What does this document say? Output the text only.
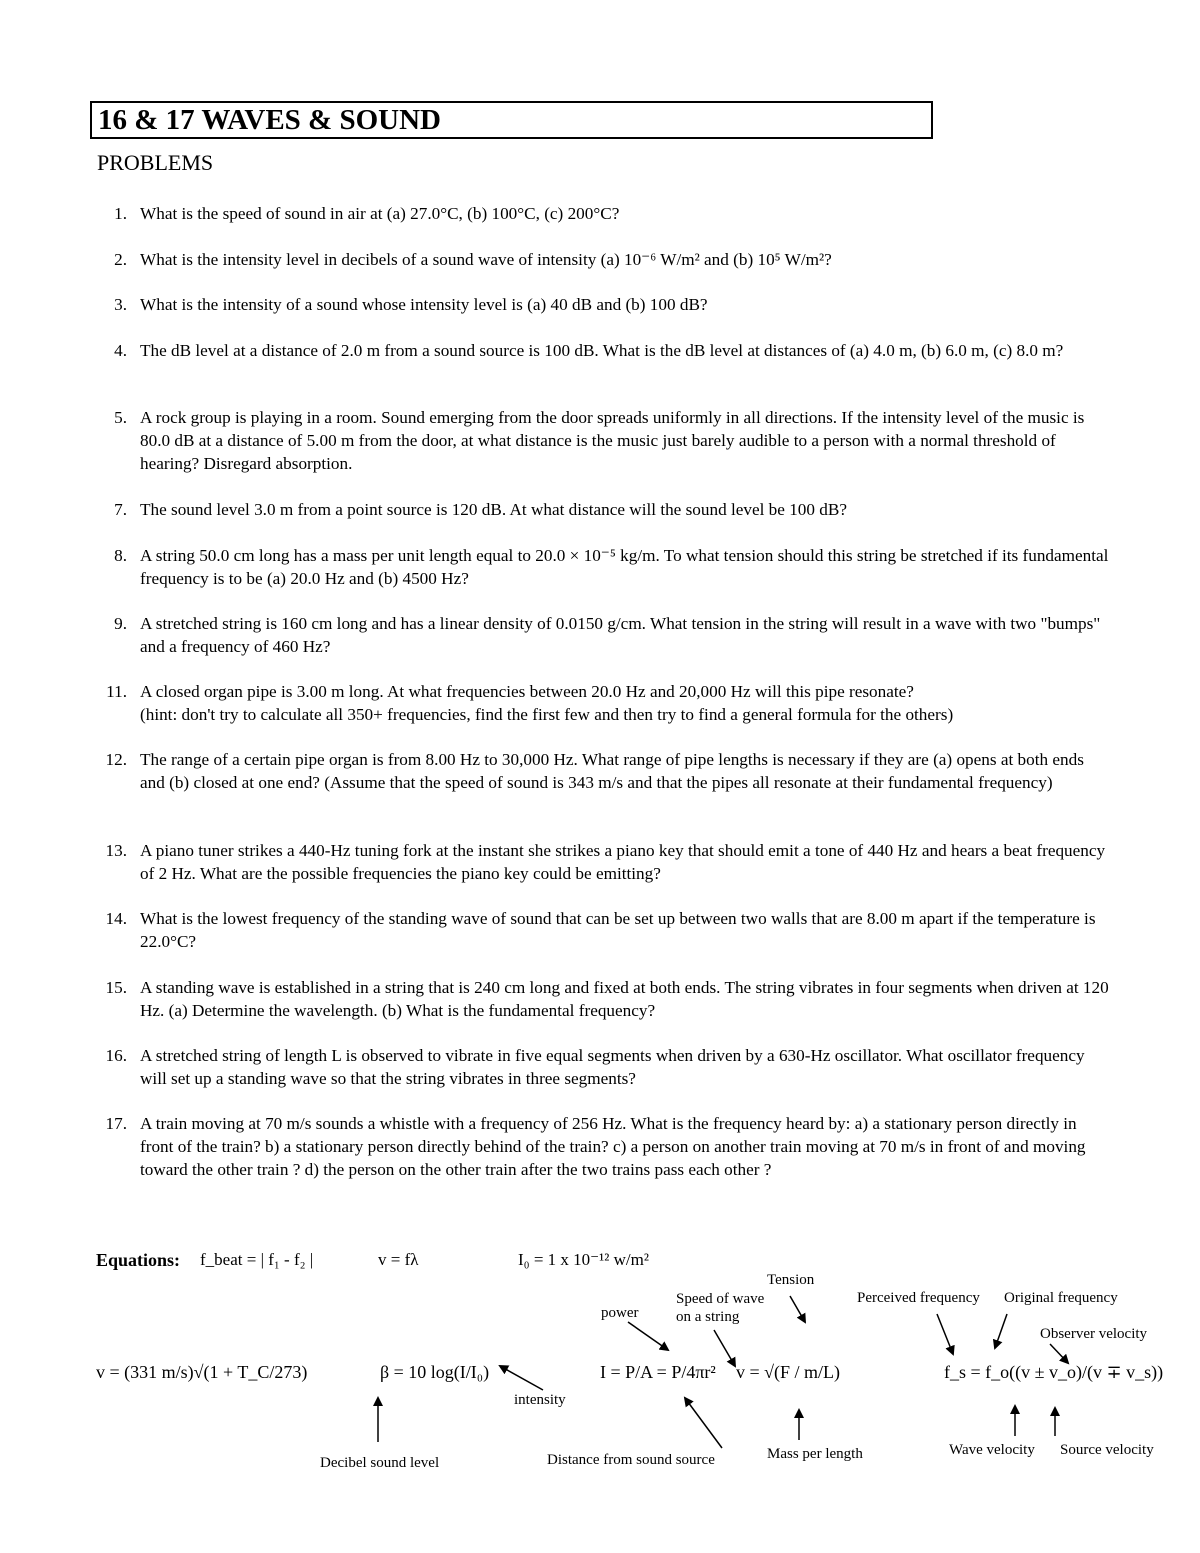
16 & 17 WAVES & SOUND
PROBLEMS
1. What is the speed of sound in air at (a) 27.0°C, (b) 100°C, (c) 200°C?
2. What is the intensity level in decibels of a sound wave of intensity (a) 10⁻⁶ W/m² and (b) 10⁵ W/m²?
3. What is the intensity of a sound whose intensity level is (a) 40 dB and (b) 100 dB?
4. The dB level at a distance of 2.0 m from a sound source is 100 dB. What is the dB level at distances of (a) 4.0 m, (b) 6.0 m, (c) 8.0 m?
5. A rock group is playing in a room. Sound emerging from the door spreads uniformly in all directions. If the intensity level of the music is 80.0 dB at a distance of 5.00 m from the door, at what distance is the music just barely audible to a person with a normal threshold of hearing? Disregard absorption.
7. The sound level 3.0 m from a point source is 120 dB. At what distance will the sound level be 100 dB?
8. A string 50.0 cm long has a mass per unit length equal to 20.0 × 10⁻⁵ kg/m. To what tension should this string be stretched if its fundamental frequency is to be (a) 20.0 Hz and (b) 4500 Hz?
9. A stretched string is 160 cm long and has a linear density of 0.0150 g/cm. What tension in the string will result in a wave with two "bumps" and a frequency of 460 Hz?
11. A closed organ pipe is 3.00 m long. At what frequencies between 20.0 Hz and 20,000 Hz will this pipe resonate?
(hint: don't try to calculate all 350+ frequencies, find the first few and then try to find a general formula for the others)
12. The range of a certain pipe organ is from 8.00 Hz to 30,000 Hz. What range of pipe lengths is necessary if they are (a) opens at both ends and (b) closed at one end? (Assume that the speed of sound is 343 m/s and that the pipes all resonate at their fundamental frequency)
13. A piano tuner strikes a 440-Hz tuning fork at the instant she strikes a piano key that should emit a tone of 440 Hz and hears a beat frequency of 2 Hz. What are the possible frequencies the piano key could be emitting?
14. What is the lowest frequency of the standing wave of sound that can be set up between two walls that are 8.00 m apart if the temperature is 22.0°C?
15. A standing wave is established in a string that is 240 cm long and fixed at both ends. The string vibrates in four segments when driven at 120 Hz. (a) Determine the wavelength. (b) What is the fundamental frequency?
16. A stretched string of length L is observed to vibrate in five equal segments when driven by a 630-Hz oscillator. What oscillator frequency will set up a standing wave so that the string vibrates in three segments?
17. A train moving at 70 m/s sounds a whistle with a frequency of 256 Hz. What is the frequency heard by: a) a stationary person directly in front of the train? b) a stationary person directly behind of the train? c) a person on another train moving at 70 m/s in front of and moving toward the other train ? d) the person on the other train after the two trains pass each other ?
Equations: f_beat = | f₁ - f₂ |	v = fλ	I₀ = 1 x 10⁻¹² w/m²
v = (331 m/s)√(1 + T_C/273)	β = 10 log(I/I₀)	I = P/A = P/4πr² v = √(F / m/L)	f_s = f_o((v ± v_o)/(v ∓ v_s))
Tension
Speed of wave
on a string
power
Perceived frequency Original frequency
Observer velocity
intensity
Decibel sound level	Distance from sound source	Mass per length	Wave velocity Source velocity
